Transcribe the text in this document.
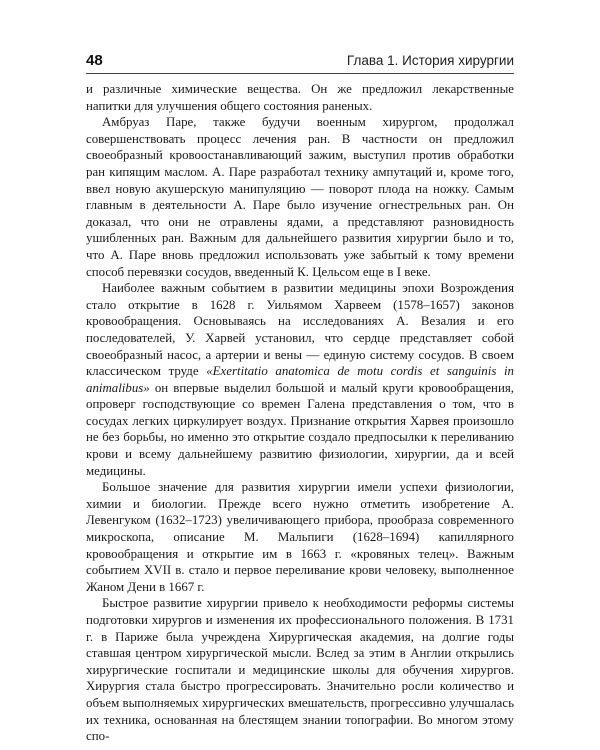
48	Глава 1. История хирургии

и различные химические вещества. Он же предложил лекарственные напитки для улучшения общего состояния раненых.

Амбруаз Паре, также будучи военным хирургом, продолжал совершенствовать процесс лечения ран. В частности он предложил своеобразный кровоостанавливающий зажим, выступил против обработки ран кипящим маслом. А. Паре разработал технику ампутаций и, кроме того, ввел новую акушерскую манипуляцию — поворот плода на ножку. Самым главным в деятельности А. Паре было изучение огнестрельных ран. Он доказал, что они не отравлены ядами, а представляют разновидность ушибленных ран. Важным для дальнейшего развития хирургии было и то, что А. Паре вновь предложил использовать уже забытый к тому времени способ перевязки сосудов, введенный К. Цельсом еще в I веке.

Наиболее важным событием в развитии медицины эпохи Возрождения стало открытие в 1628 г. Уильямом Харвеем (1578–1657) законов кровообращения. Основываясь на исследованиях А. Везалия и его последователей, У. Харвей установил, что сердце представляет собой своеобразный насос, а артерии и вены — единую систему сосудов. В своем классическом труде «Exertitatio anatomica de motu cordis et sanguinis in animalibus» он впервые выделил большой и малый круги кровообращения, опроверг господствующие со времен Галена представления о том, что в сосудах легких циркулирует воздух. Признание открытия Харвея произошло не без борьбы, но именно это открытие создало предпосылки к переливанию крови и всему дальнейшему развитию физиологии, хирургии, да и всей медицины.

Большое значение для развития хирургии имели успехи физиологии, химии и биологии. Прежде всего нужно отметить изобретение А. Левенгуком (1632–1723) увеличивающего прибора, прообраза современного микроскопа, описание М. Мальпиги (1628–1694) капиллярного кровообращения и открытие им в 1663 г. «кровяных телец». Важным событием XVII в. стало и первое переливание крови человеку, выполненное Жаном Дени в 1667 г.

Быстрое развитие хирургии привело к необходимости реформы системы подготовки хирургов и изменения их профессионального положения. В 1731 г. в Париже была учреждена Хирургическая академия, на долгие годы ставшая центром хирургической мысли. Вслед за этим в Англии открылись хирургические госпитали и медицинские школы для обучения хирургов. Хирургия стала быстро прогрессировать. Значительно росли количество и объем выполняемых хирургических вмешательств, прогрессивно улучшалась их техника, основанная на блестящем знании топографии. Во многом этому спо-
